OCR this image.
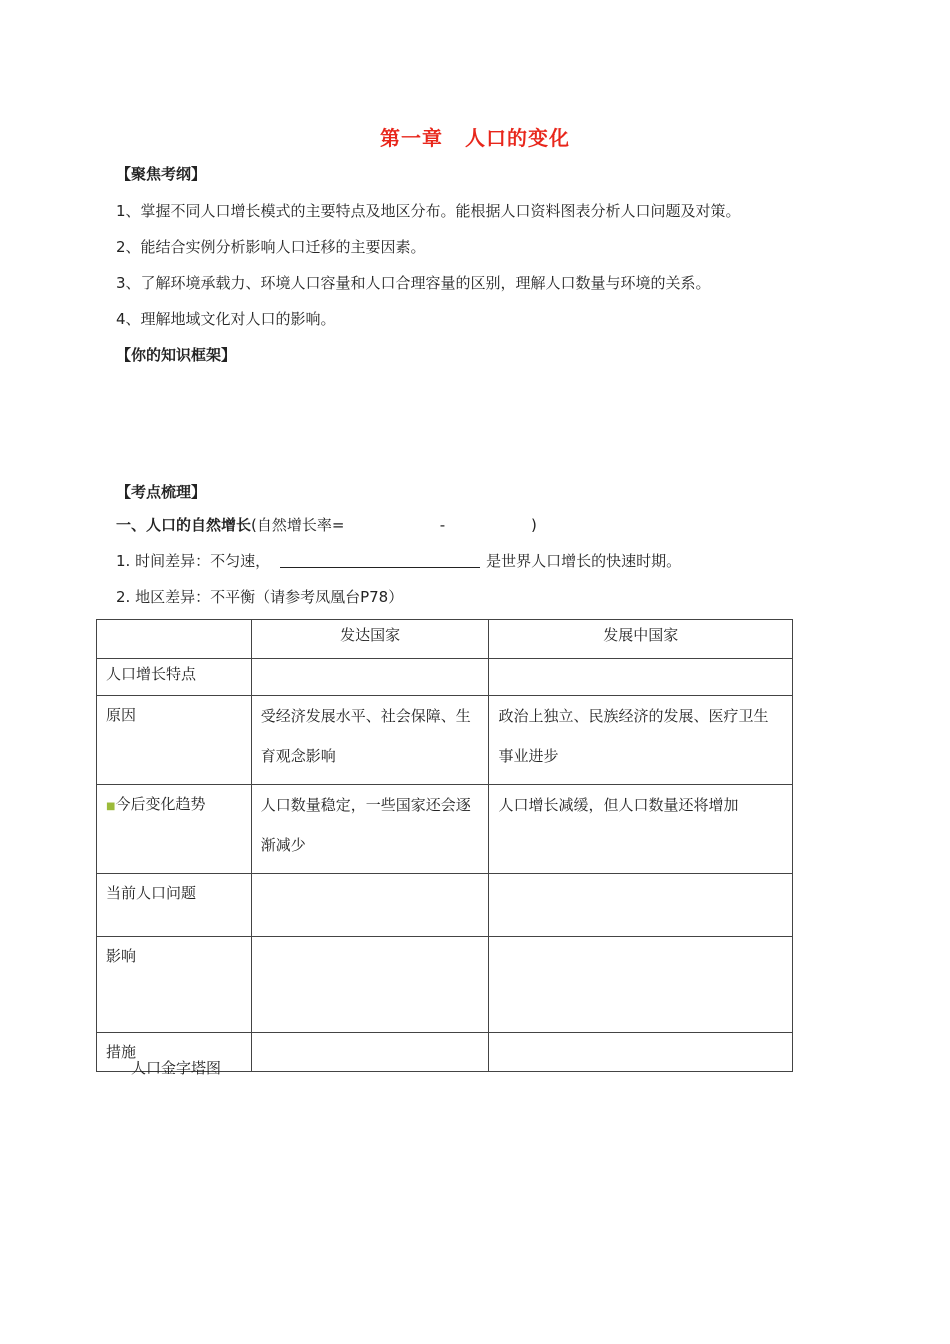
第一章 人口的变化
【聚焦考纲】
1、掌握不同人口增长模式的主要特点及地区分布。能根据人口资料图表分析人口问题及对策。
2、能结合实例分析影响人口迁移的主要因素。
3、了解环境承载力、环境人口容量和人口合理容量的区别，理解人口数量与环境的关系。
4、理解地域文化对人口的影响。
【你的知识框架】
【考点梳理】
一、人口的自然增长(自然增长率=                    -                  )
1. 时间差异：不匀速，	是世界人口增长的快速时期。
2. 地区差异：不平衡（请参考凤凰台P78）
	发达国家	发展中国家
人口增长特点		
原因	受经济发展水平、社会保障、生育观念影响	政治上独立、民族经济的发展、医疗卫生事业进步
■今后变化趋势	人口数量稳定，一些国家还会逐渐减少	人口增长减缓，但人口数量还将增加
当前人口问题		
影响		
措施		
人口金字塔图
